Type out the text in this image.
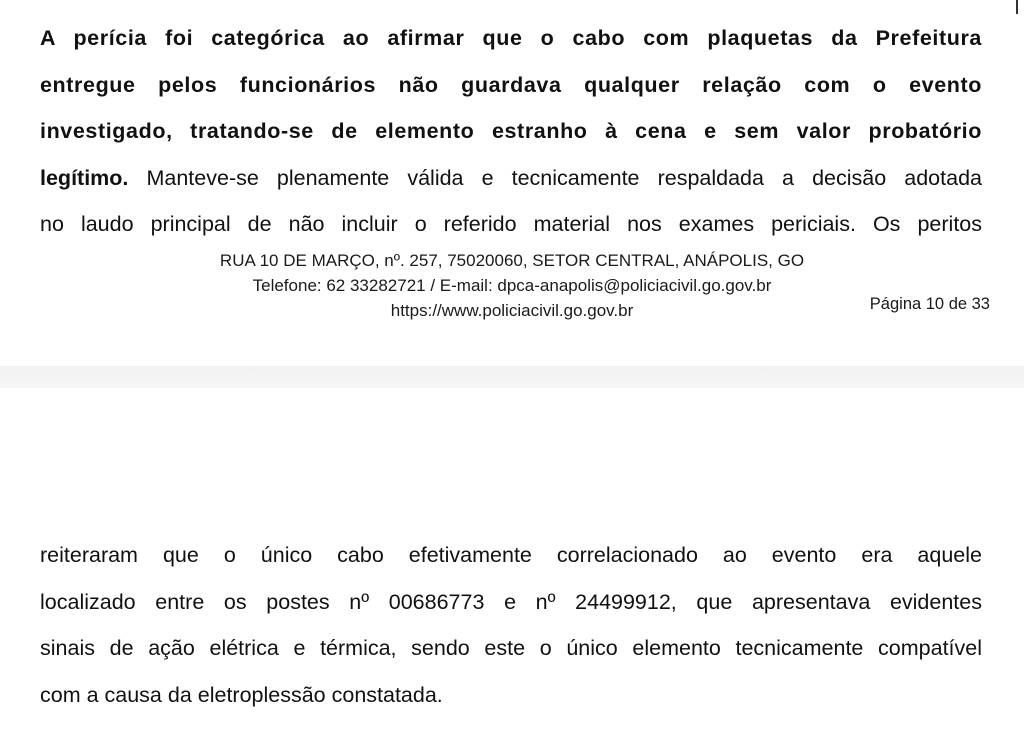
A perícia foi categórica ao afirmar que o cabo com plaquetas da Prefeitura
entregue pelos funcionários não guardava qualquer relação com o evento
investigado, tratando-se de elemento estranho à cena e sem valor probatório
legítimo. Manteve-se plenamente válida e tecnicamente respaldada a decisão adotada
no laudo principal de não incluir o referido material nos exames periciais. Os peritos
RUA 10 DE MARÇO, nº. 257, 75020060, SETOR CENTRAL, ANÁPOLIS, GO
Telefone: 62 33282721 / E-mail: dpca-anapolis@policiacivil.go.gov.br
https://www.policiacivil.go.gov.br	Página 10 de 33
reiteraram que o único cabo efetivamente correlacionado ao evento era aquele
localizado entre os postes nº 00686773 e nº 24499912, que apresentava evidentes
sinais de ação elétrica e térmica, sendo este o único elemento tecnicamente compatível
com a causa da eletroplessão constatada.
